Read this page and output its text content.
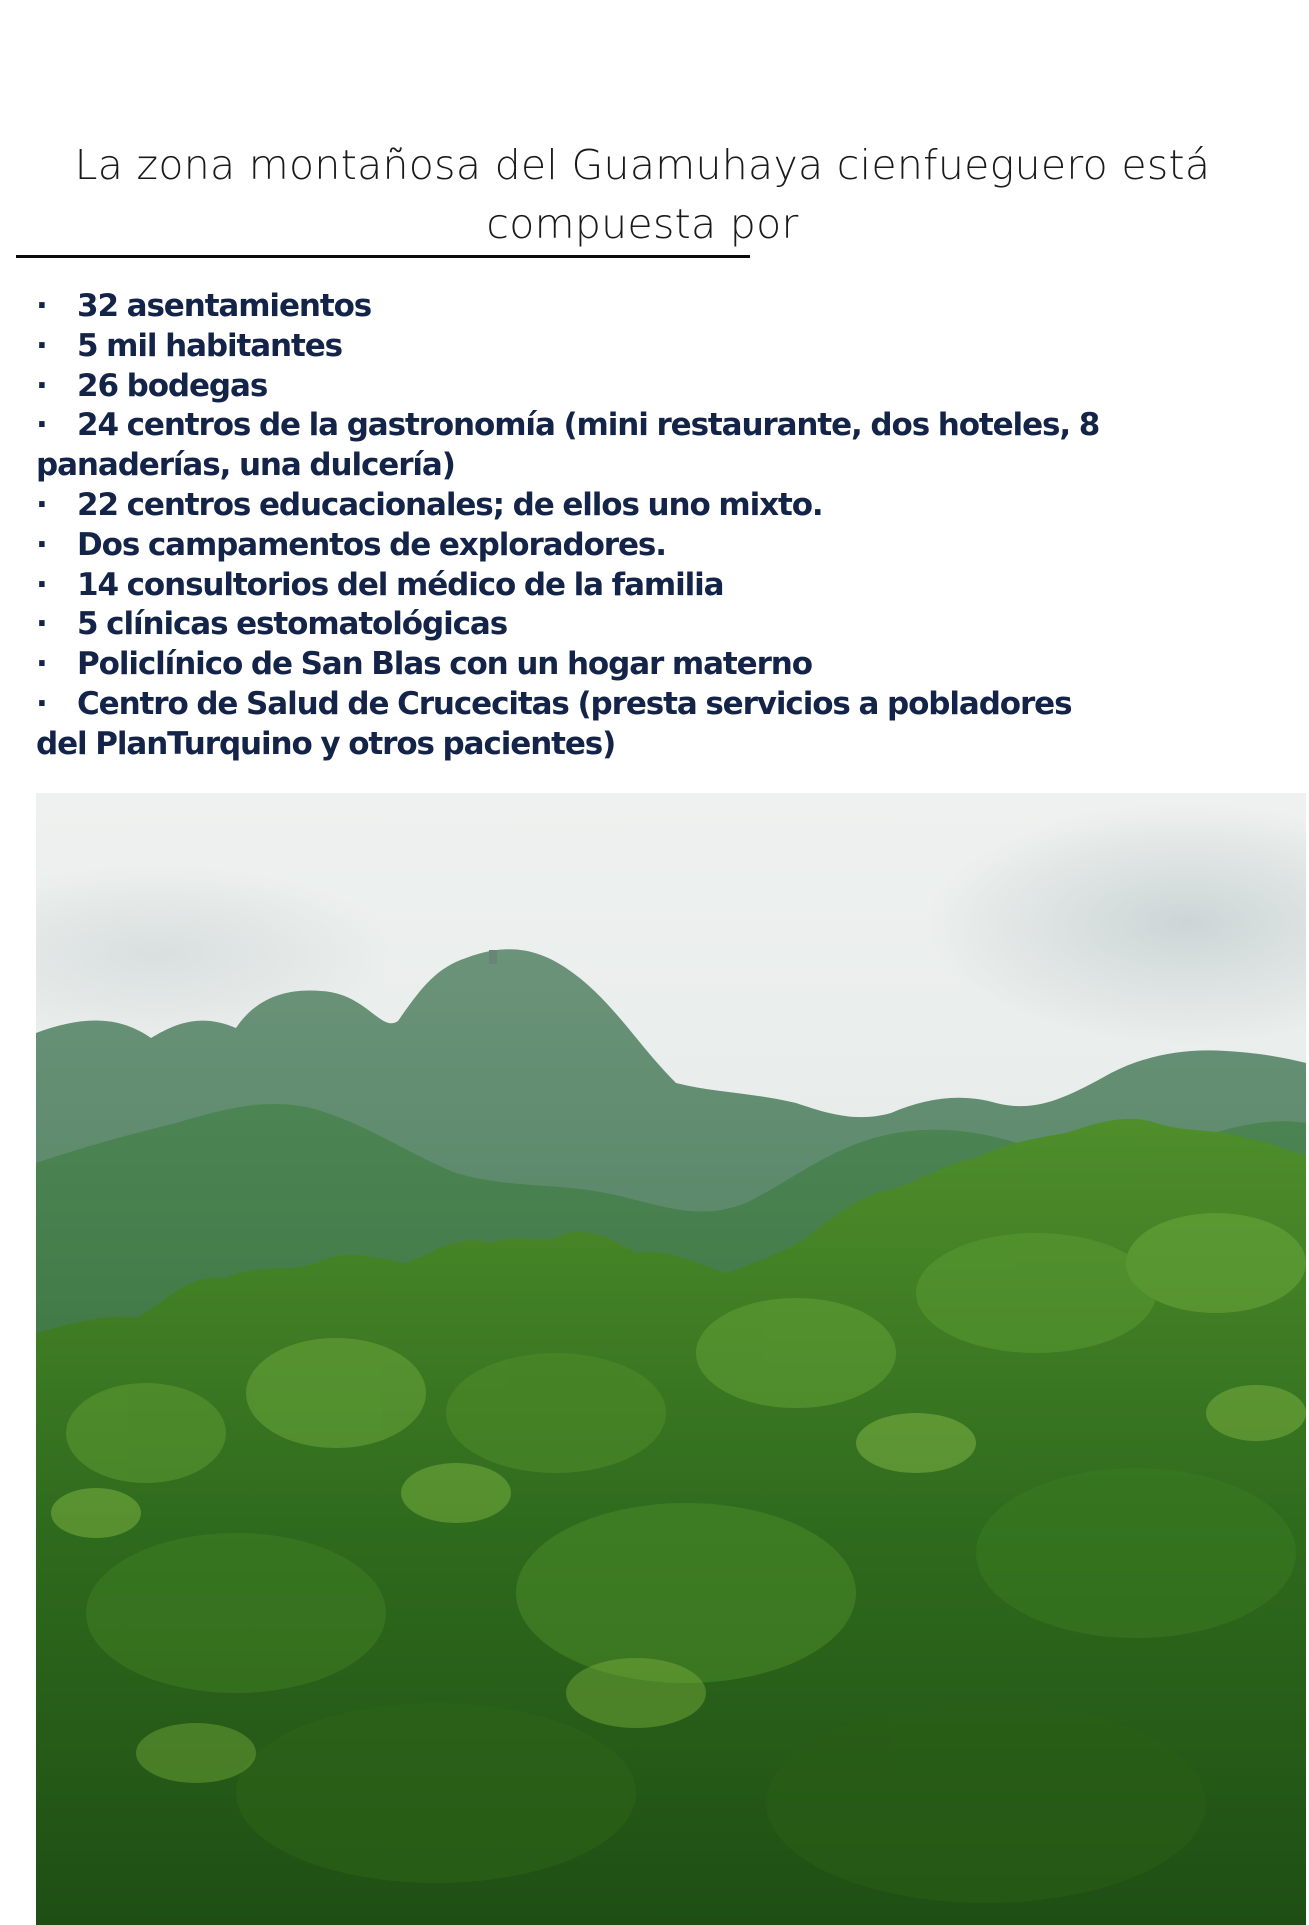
La zona montañosa del Guamuhaya cienfueguero está
compuesta por
· 32 asentamientos
· 5 mil habitantes
· 26 bodegas
· 24 centros de la gastronomía (mini restaurante, dos hoteles, 8
panaderías, una dulcería)
· 22 centros educacionales; de ellos uno mixto.
· Dos campamentos de exploradores.
· 14 consultorios del médico de la familia
· 5 clínicas estomatológicas
· Policlínico de San Blas con un hogar materno
· Centro de Salud de Crucecitas (presta servicios a pobladores
del PlanTurquino y otros pacientes)
